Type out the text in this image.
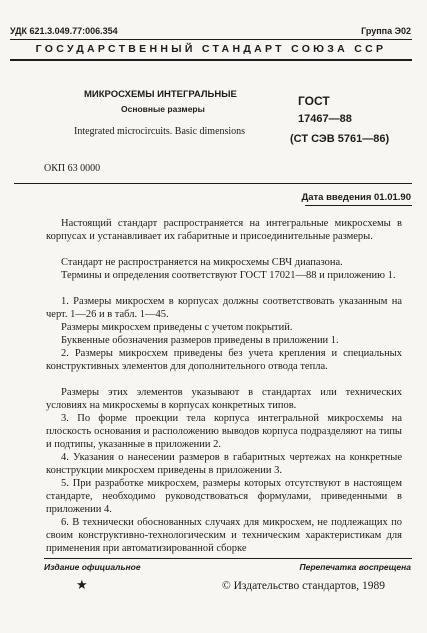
УДК 621.3.049.77:006.354	Группа Э02
ГОСУДАРСТВЕННЫЙ СТАНДАРТ СОЮЗА ССР
МИКРОСХЕМЫ ИНТЕГРАЛЬНЫЕ
Основные размеры
Integrated microcircuits. Basic dimensions
ОКП 63 0000
ГОСТ
17467—88
(СТ СЭВ 5761—86)
Дата введения 01.01.90
Настоящий стандарт распространяется на интегральные микросхемы в корпусах и устанавливает их габаритные и присоединительные размеры.
Стандарт не распространяется на микросхемы СВЧ диапазона.
Термины и определения соответствуют ГОСТ 17021—88 и приложению 1.
1. Размеры микросхем в корпусах должны соответствовать указанным на черт. 1—26 и в табл. 1—45.
Размеры микросхем приведены с учетом покрытий.
Буквенные обозначения размеров приведены в приложении 1.
2. Размеры микросхем приведены без учета крепления и специальных конструктивных элементов для дополнительного отвода тепла.
Размеры этих элементов указывают в стандартах или технических условиях на микросхемы в корпусах конкретных типов.
3. По форме проекции тела корпуса интегральной микросхемы на плоскость основания и расположению выводов корпуса подразделяют на типы и подтипы, указанные в приложении 2.
4. Указания о нанесении размеров в габаритных чертежах на конкретные конструкции микросхем приведены в приложении 3.
5. При разработке микросхем, размеры которых отсутствуют в настоящем стандарте, необходимо руководствоваться формулами, приведенными в приложении 4.
6. В технически обоснованных случаях для микросхем, не подлежащих по своим конструктивно-технологическим и техническим характеристикам для применения при автоматизированной сборке
Издание официальное	Перепечатка воспрещена
★	© Издательство стандартов, 1989
